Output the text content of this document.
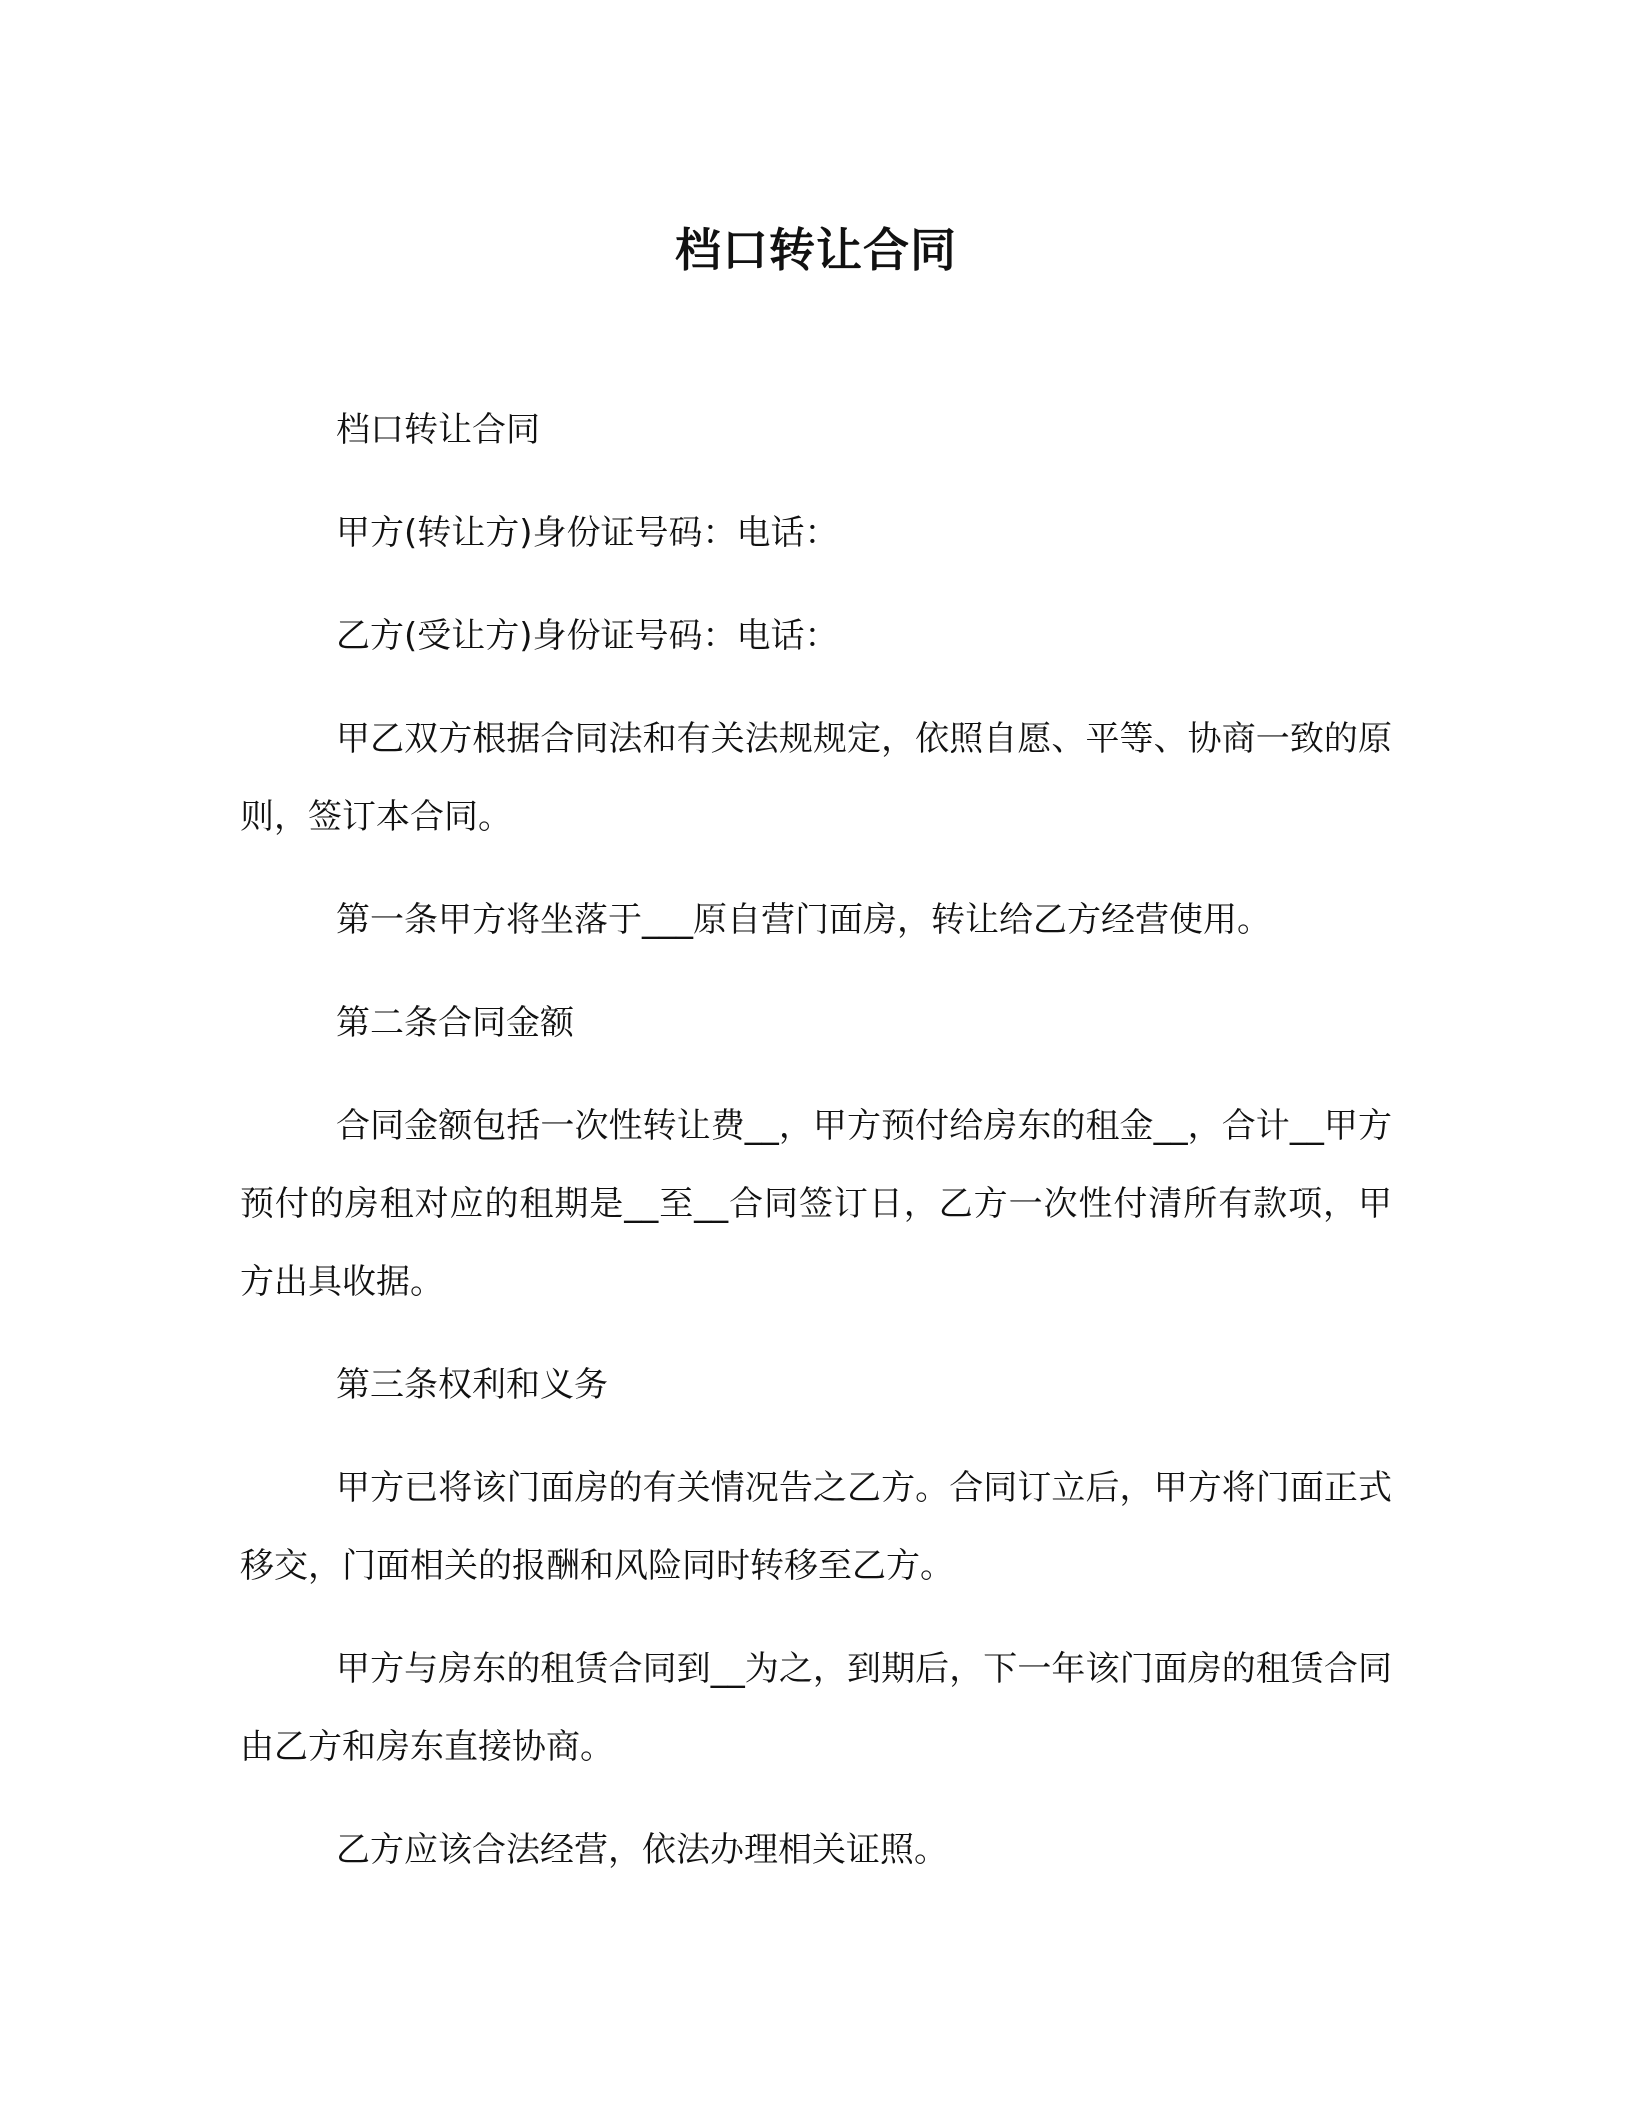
档口转让合同

档口转让合同

甲方(转让方)身份证号码：电话：

乙方(受让方)身份证号码：电话：

甲乙双方根据合同法和有关法规规定，依照自愿、平等、协商一致的原则，签订本合同。

第一条甲方将坐落于___原自营门面房，转让给乙方经营使用。

第二条合同金额

合同金额包括一次性转让费__，甲方预付给房东的租金__，合计__甲方预付的房租对应的租期是__至__合同签订日，乙方一次性付清所有款项，甲方出具收据。

第三条权利和义务

甲方已将该门面房的有关情况告之乙方。合同订立后，甲方将门面正式移交，门面相关的报酬和风险同时转移至乙方。

甲方与房东的租赁合同到__为之，到期后，下一年该门面房的租赁合同由乙方和房东直接协商。

乙方应该合法经营，依法办理相关证照。
